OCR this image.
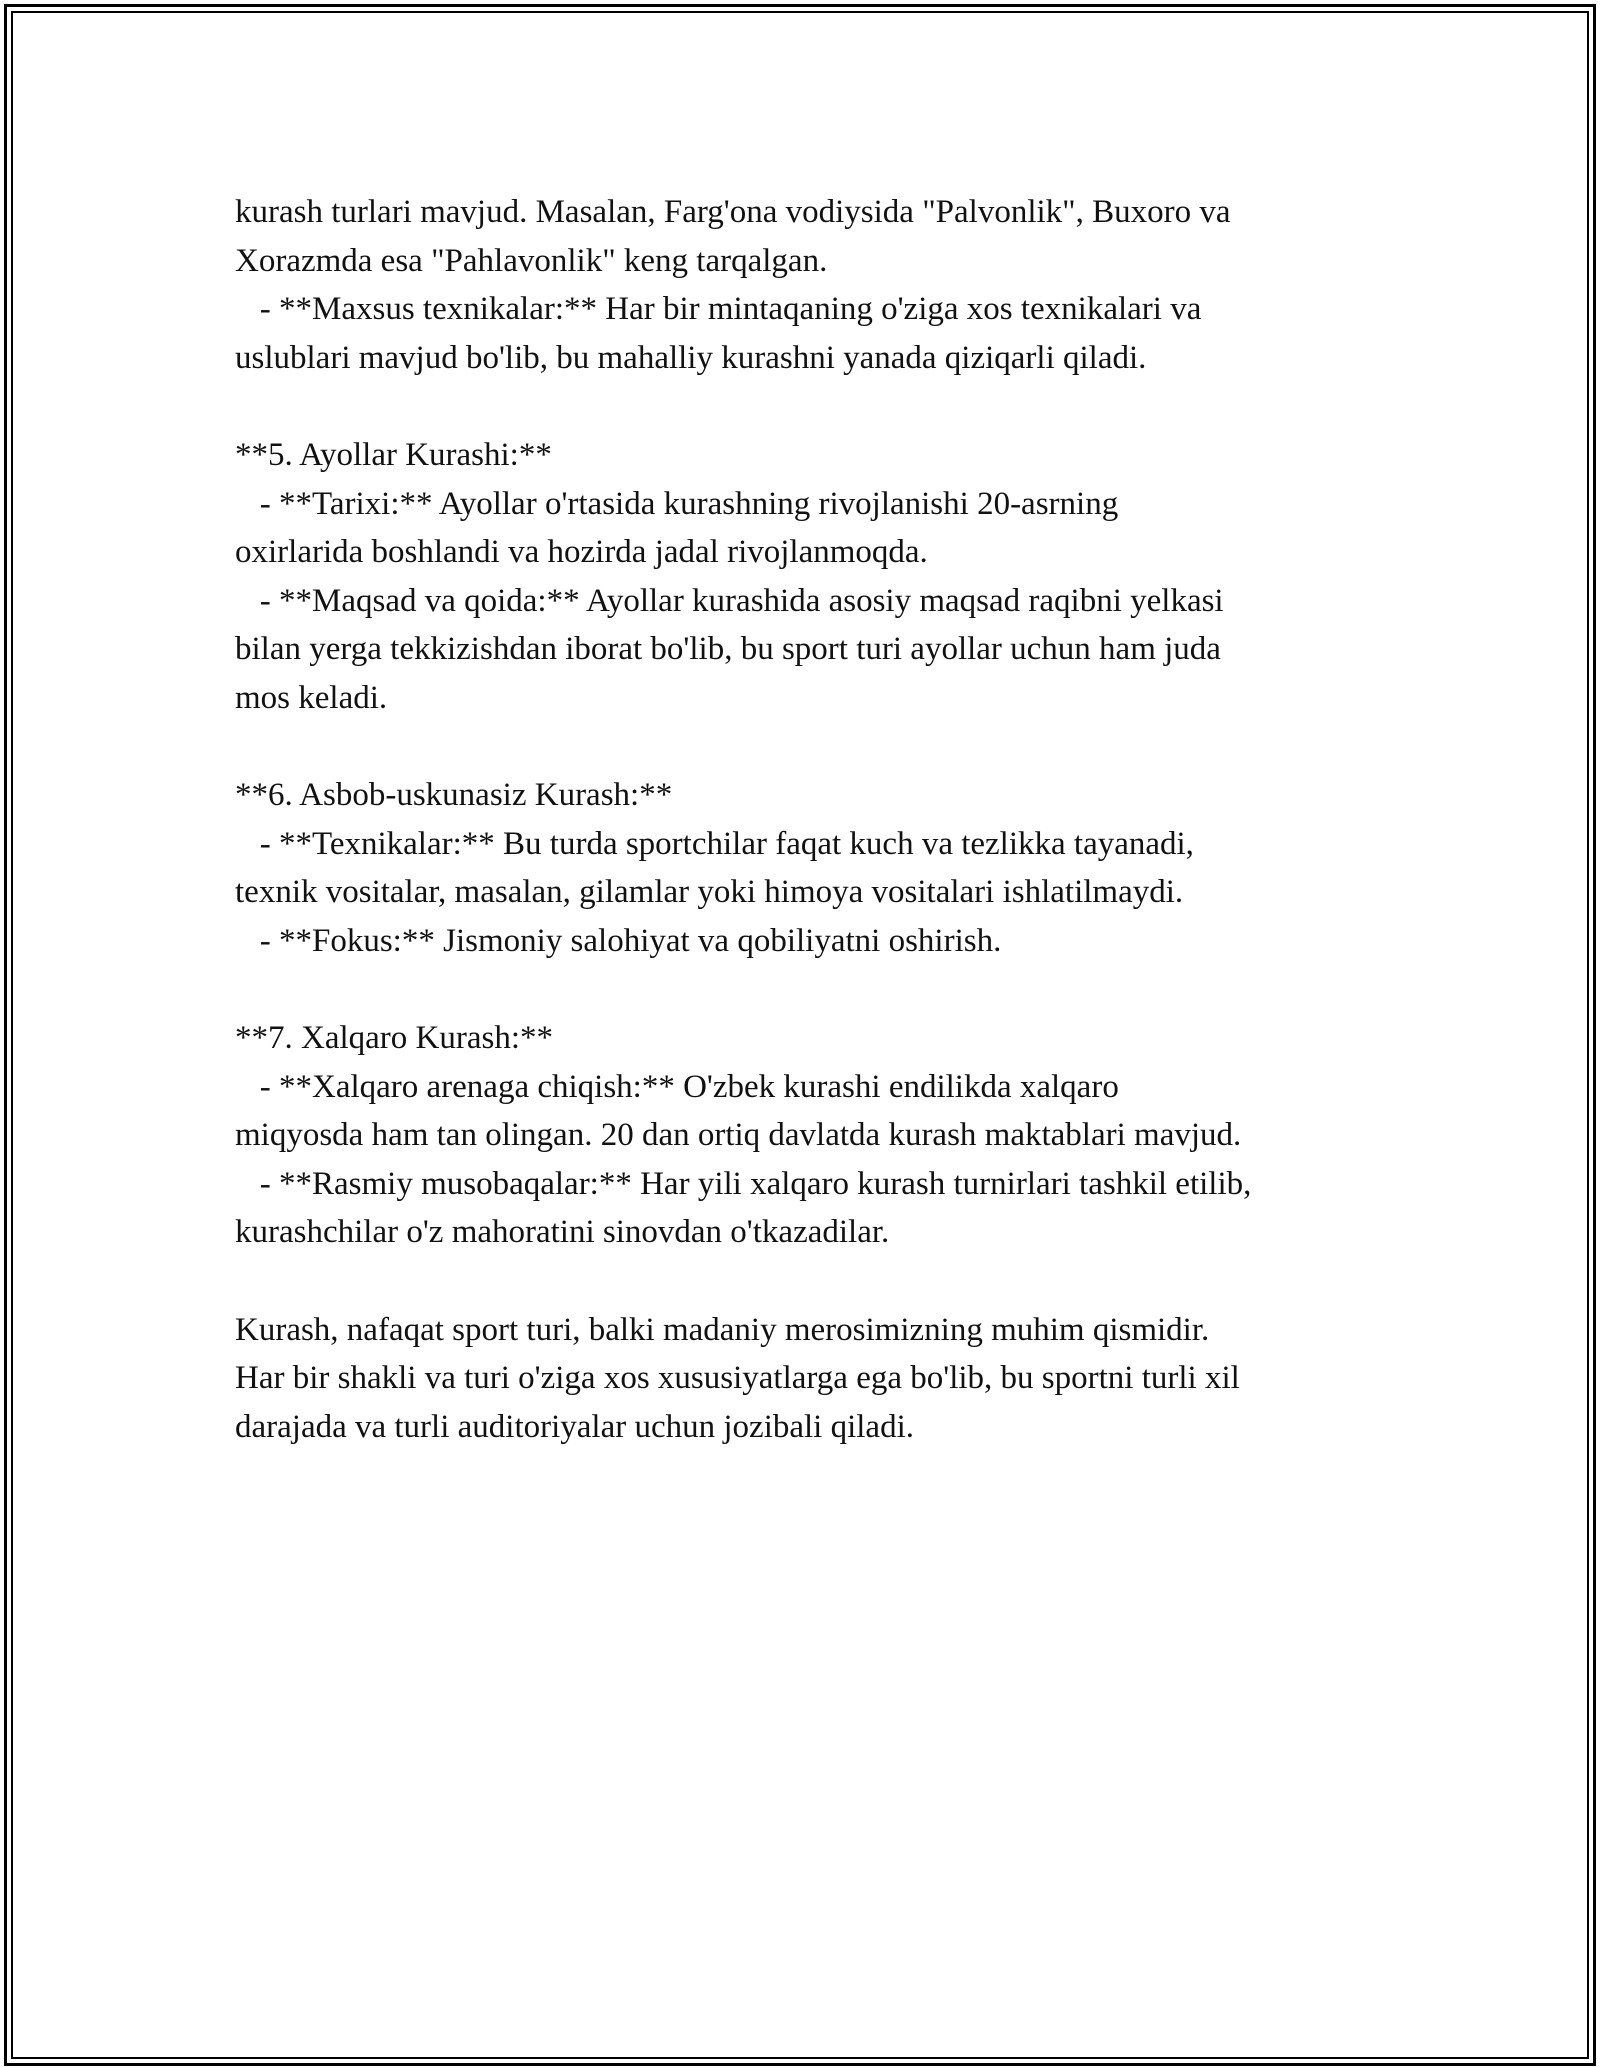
kurash turlari mavjud. Masalan, Farg'ona vodiysida "Palvonlik", Buxoro va
Xorazmda esa "Pahlavonlik" keng tarqalgan.
- **Maxsus texnikalar:** Har bir mintaqaning o'ziga xos texnikalari va
uslublari mavjud bo'lib, bu mahalliy kurashni yanada qiziqarli qiladi.
**5. Ayollar Kurashi:**
- **Tarixi:** Ayollar o'rtasida kurashning rivojlanishi 20-asrning
oxirlarida boshlandi va hozirda jadal rivojlanmoqda.
- **Maqsad va qoida:** Ayollar kurashida asosiy maqsad raqibni yelkasi
bilan yerga tekkizishdan iborat bo'lib, bu sport turi ayollar uchun ham juda
mos keladi.
**6. Asbob-uskunasiz Kurash:**
- **Texnikalar:** Bu turda sportchilar faqat kuch va tezlikka tayanadi,
texnik vositalar, masalan, gilamlar yoki himoya vositalari ishlatilmaydi.
- **Fokus:** Jismoniy salohiyat va qobiliyatni oshirish.
**7. Xalqaro Kurash:**
- **Xalqaro arenaga chiqish:** O'zbek kurashi endilikda xalqaro
miqyosda ham tan olingan. 20 dan ortiq davlatda kurash maktablari mavjud.
- **Rasmiy musobaqalar:** Har yili xalqaro kurash turnirlari tashkil etilib,
kurashchilar o'z mahoratini sinovdan o'tkazadilar.
Kurash, nafaqat sport turi, balki madaniy merosimizning muhim qismidir.
Har bir shakli va turi o'ziga xos xususiyatlarga ega bo'lib, bu sportni turli xil
darajada va turli auditoriyalar uchun jozibali qiladi.
